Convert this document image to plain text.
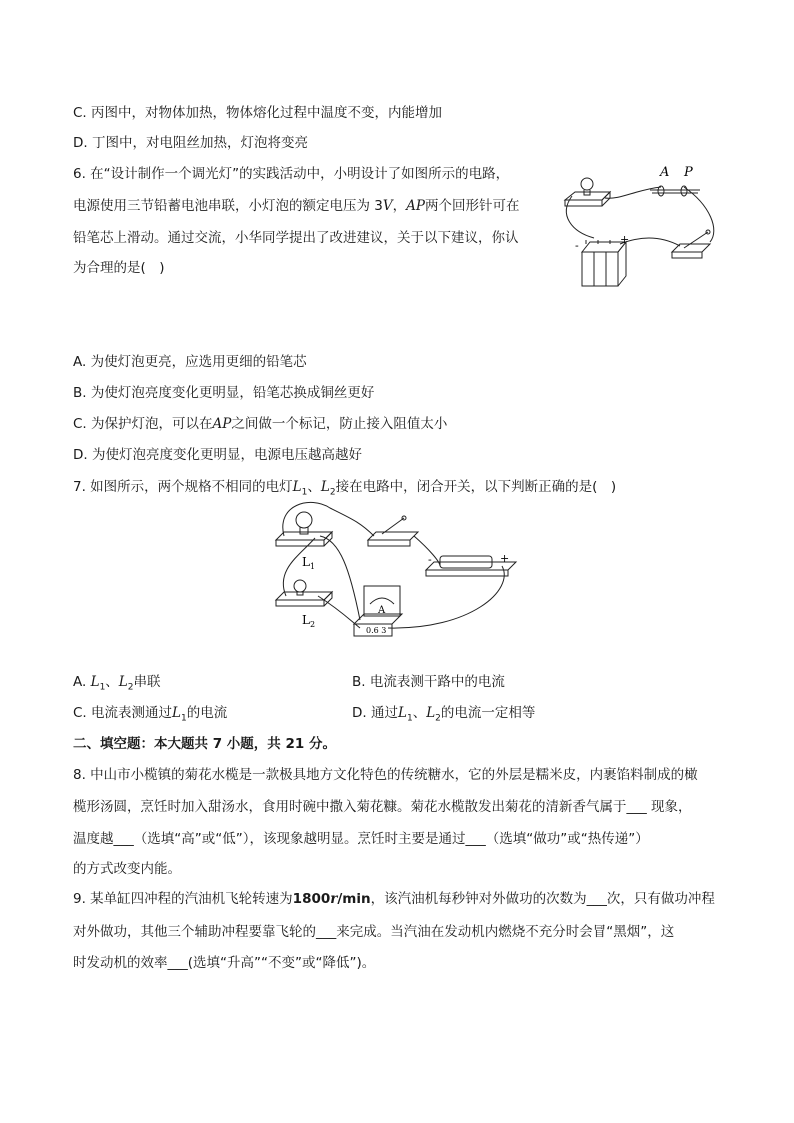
C. 丙图中，对物体加热，物体熔化过程中温度不变，内能增加
D. 丁图中，对电阻丝加热，灯泡将变亮
6. 在“设计制作一个调光灯”的实践活动中，小明设计了如图所示的电路，
电源使用三节铅蓄电池串联，小灯泡的额定电压为 3V，AP两个回形针可在
铅笔芯上滑动。通过交流，小华同学提出了改进建议，关于以下建议，你认
为合理的是(　)
A P
-	+
A. 为使灯泡更亮，应选用更细的铅笔芯
B. 为使灯泡亮度变化更明显，铅笔芯换成铜丝更好
C. 为保护灯泡，可以在AP之间做一个标记，防止接入阻值太小
D. 为使灯泡亮度变化更明显，电源电压越高越好
7. 如图所示，两个规格不相同的电灯$L_1$、$L_2$接在电路中，闭合开关，以下判断正确的是(　)
$L_1$
$L_2$
A
0.6 3
-	+
A. $L_1$、$L_2$串联	B. 电流表测干路中的电流
C. 电流表测通过$L_1$的电流	D. 通过$L_1$、$L_2$的电流一定相等
二、填空题：本大题共 7 小题，共 21 分。
8. 中山市小榄镇的菊花水榄是一款极具地方文化特色的传统糖水，它的外层是糯米皮，内裹馅料制成的橄
榄形汤圆，烹饪时加入甜汤水，食用时碗中撒入菊花糠。菊花水榄散发出菊花的清新香气属于___ 现象，
温度越___（选填“高”或“低”），该现象越明显。烹饪时主要是通过___（选填“做功”或“热传递”）
的方式改变内能。
9. 某单缸四冲程的汽油机飞轮转速为1800r/min，该汽油机每秒钟对外做功的次数为___次，只有做功冲程
对外做功，其他三个辅助冲程要靠飞轮的___来完成。当汽油在发动机内燃烧不充分时会冒“黑烟”，这
时发动机的效率___(选填“升高”“不变”或“降低”)。
